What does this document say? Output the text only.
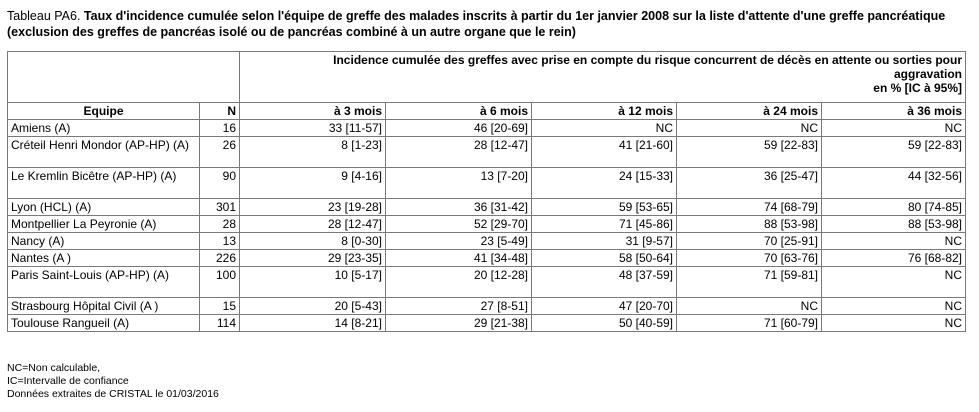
Tableau PA6. Taux d'incidence cumulée selon l'équipe de greffe des malades inscrits à partir du 1er janvier 2008 sur la liste d'attente d'une greffe pancréatique (exclusion des greffes de pancréas isolé ou de pancréas combiné à un autre organe que le rein)

		Incidence cumulée des greffes avec prise en compte du risque concurrent de décès en attente ou sorties pour
aggravation
en % [IC à 95%]				

Equipe	N	à 3 mois	à 6 mois	à 12 mois	à 24 mois	à 36 mois
Amiens (A)	16	33 [11-57]	46 [20-69]	NC	NC	NC
Créteil Henri Mondor (AP-HP) (A)	26	8 [1-23]	28 [12-47]	41 [21-60]	59 [22-83]	59 [22-83]
Le Kremlin Bicêtre (AP-HP) (A)	90	9 [4-16]	13 [7-20]	24 [15-33]	36 [25-47]	44 [32-56]
Lyon (HCL) (A)	301	23 [19-28]	36 [31-42]	59 [53-65]	74 [68-79]	80 [74-85]
Montpellier La Peyronie (A)	28	28 [12-47]	52 [29-70]	71 [45-86]	88 [53-98]	88 [53-98]
Nancy (A)	13	8 [0-30]	23 [5-49]	31 [9-57]	70 [25-91]	NC
Nantes (A )	226	29 [23-35]	41 [34-48]	58 [50-64]	70 [63-76]	76 [68-82]
Paris Saint-Louis (AP-HP) (A)	100	10 [5-17]	20 [12-28]	48 [37-59]	71 [59-81]	NC
Strasbourg Hôpital Civil (A )	15	20 [5-43]	27 [8-51]	47 [20-70]	NC	NC
Toulouse Rangueil (A)	114	14 [8-21]	29 [21-38]	50 [40-59]	71 [60-79]	NC
NC=Non calculable,
IC=Intervalle de confiance
Données extraites de CRISTAL le 01/03/2016
